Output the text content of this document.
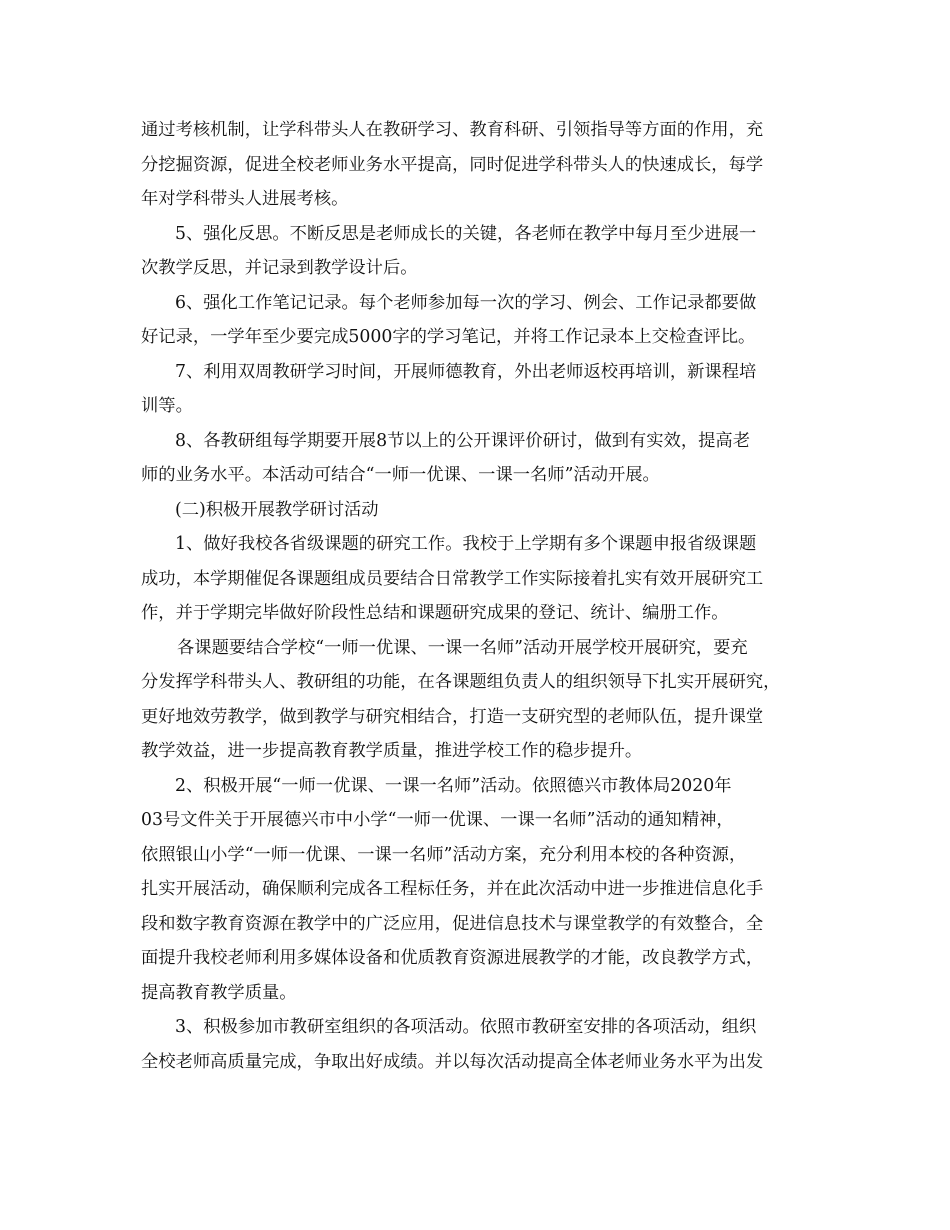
通过考核机制，让学科带头人在教研学习、教育科研、引领指导等方面的作用，充

分挖掘资源，促进全校老师业务水平提高，同时促进学科带头人的快速成长，每学

年对学科带头人进展考核。

5、强化反思。不断反思是老师成长的关键，各老师在教学中每月至少进展一

次教学反思，并记录到教学设计后。

6、强化工作笔记记录。每个老师参加每一次的学习、例会、工作记录都要做

好记录，一学年至少要完成5000字的学习笔记，并将工作记录本上交检查评比。

7、利用双周教研学习时间，开展师德教育，外出老师返校再培训，新课程培

训等。

8、各教研组每学期要开展8节以上的公开课评价研讨，做到有实效，提高老

师的业务水平。本活动可结合“一师一优课、一课一名师”活动开展。

(二)积极开展教学研讨活动

1、做好我校各省级课题的研究工作。我校于上学期有多个课题申报省级课题

成功，本学期催促各课题组成员要结合日常教学工作实际接着扎实有效开展研究工

作，并于学期完毕做好阶段性总结和课题研究成果的登记、统计、编册工作。

各课题要结合学校“一师一优课、一课一名师”活动开展学校开展研究，要充

分发挥学科带头人、教研组的功能，在各课题组负责人的组织领导下扎实开展研究，

更好地效劳教学，做到教学与研究相结合，打造一支研究型的老师队伍，提升课堂

教学效益，进一步提高教育教学质量，推进学校工作的稳步提升。

2、积极开展“一师一优课、一课一名师”活动。依照德兴市教体局2020年

03号文件关于开展德兴市中小学“一师一优课、一课一名师”活动的通知精神，

依照银山小学“一师一优课、一课一名师”活动方案，充分利用本校的各种资源，

扎实开展活动，确保顺利完成各工程标任务，并在此次活动中进一步推进信息化手

段和数字教育资源在教学中的广泛应用，促进信息技术与课堂教学的有效整合，全

面提升我校老师利用多媒体设备和优质教育资源进展教学的才能，改良教学方式，

提高教育教学质量。

3、积极参加市教研室组织的各项活动。依照市教研室安排的各项活动，组织

全校老师高质量完成，争取出好成绩。并以每次活动提高全体老师业务水平为出发
